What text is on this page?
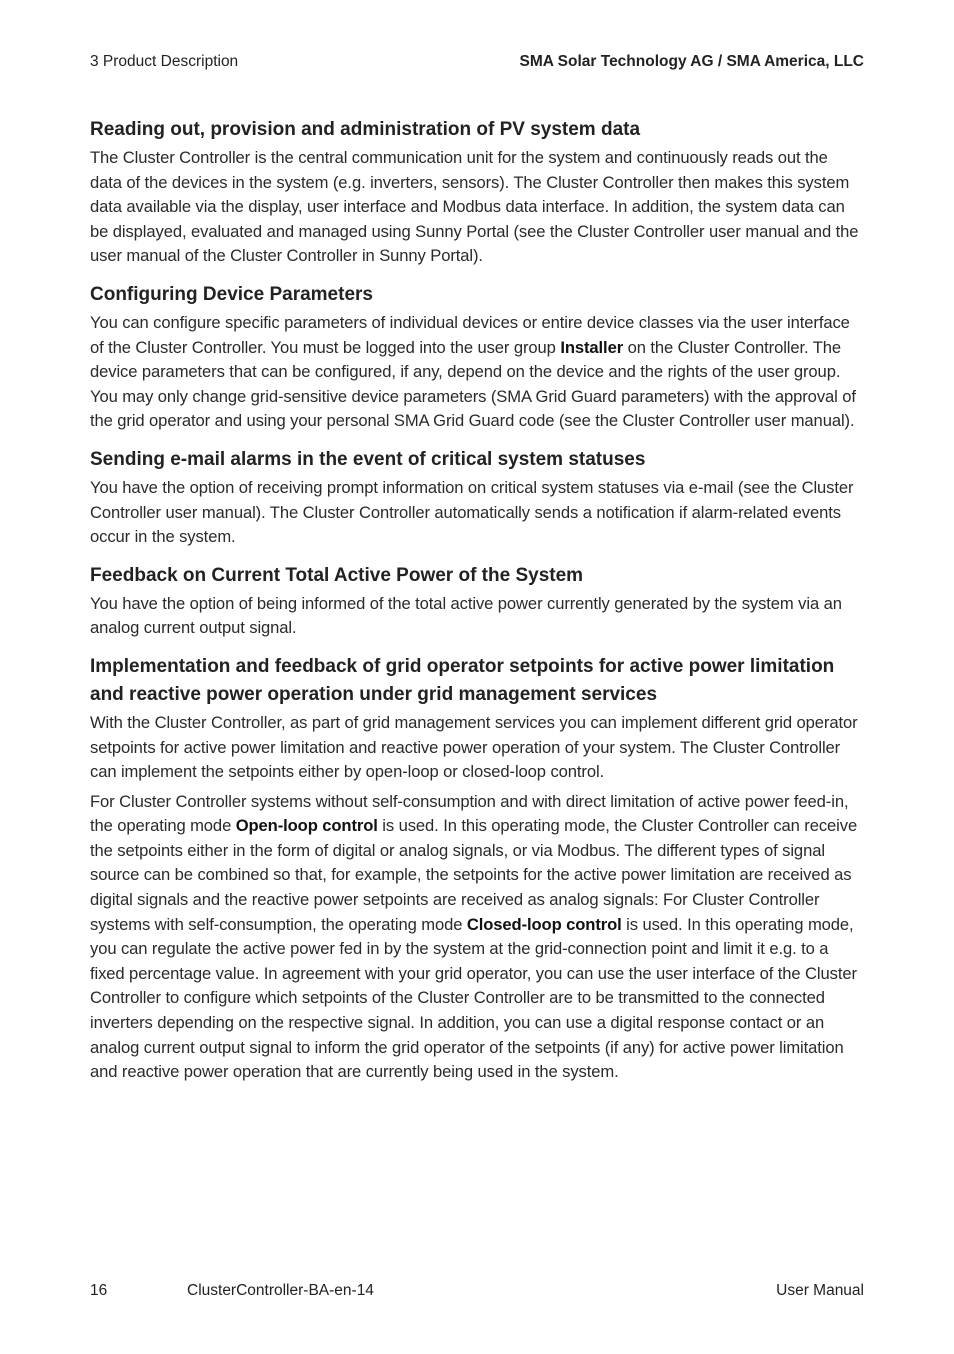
3 Product Description	SMA Solar Technology AG / SMA America, LLC
Reading out, provision and administration of PV system data

The Cluster Controller is the central communication unit for the system and continuously reads out the data of the devices in the system (e.g. inverters, sensors). The Cluster Controller then makes this system data available via the display, user interface and Modbus data interface. In addition, the system data can be displayed, evaluated and managed using Sunny Portal (see the Cluster Controller user manual and the user manual of the Cluster Controller in Sunny Portal).

Configuring Device Parameters

You can configure specific parameters of individual devices or entire device classes via the user interface of the Cluster Controller. You must be logged into the user group Installer on the Cluster Controller. The device parameters that can be configured, if any, depend on the device and the rights of the user group. You may only change grid-sensitive device parameters (SMA Grid Guard parameters) with the approval of the grid operator and using your personal SMA Grid Guard code (see the Cluster Controller user manual).

Sending e-mail alarms in the event of critical system statuses

You have the option of receiving prompt information on critical system statuses via e-mail (see the Cluster Controller user manual). The Cluster Controller automatically sends a notification if alarm-related events occur in the system.

Feedback on Current Total Active Power of the System

You have the option of being informed of the total active power currently generated by the system via an analog current output signal.

Implementation and feedback of grid operator setpoints for active power limitation and reactive power operation under grid management services

With the Cluster Controller, as part of grid management services you can implement different grid operator setpoints for active power limitation and reactive power operation of your system. The Cluster Controller can implement the setpoints either by open-loop or closed-loop control.

For Cluster Controller systems without self-consumption and with direct limitation of active power feed-in, the operating mode Open-loop control is used. In this operating mode, the Cluster Controller can receive the setpoints either in the form of digital or analog signals, or via Modbus. The different types of signal source can be combined so that, for example, the setpoints for the active power limitation are received as digital signals and the reactive power setpoints are received as analog signals: For Cluster Controller systems with self-consumption, the operating mode Closed-loop control is used. In this operating mode, you can regulate the active power fed in by the system at the grid-connection point and limit it e.g. to a fixed percentage value. In agreement with your grid operator, you can use the user interface of the Cluster Controller to configure which setpoints of the Cluster Controller are to be transmitted to the connected inverters depending on the respective signal. In addition, you can use a digital response contact or an analog current output signal to inform the grid operator of the setpoints (if any) for active power limitation and reactive power operation that are currently being used in the system.

16	ClusterController-BA-en-14	User Manual
